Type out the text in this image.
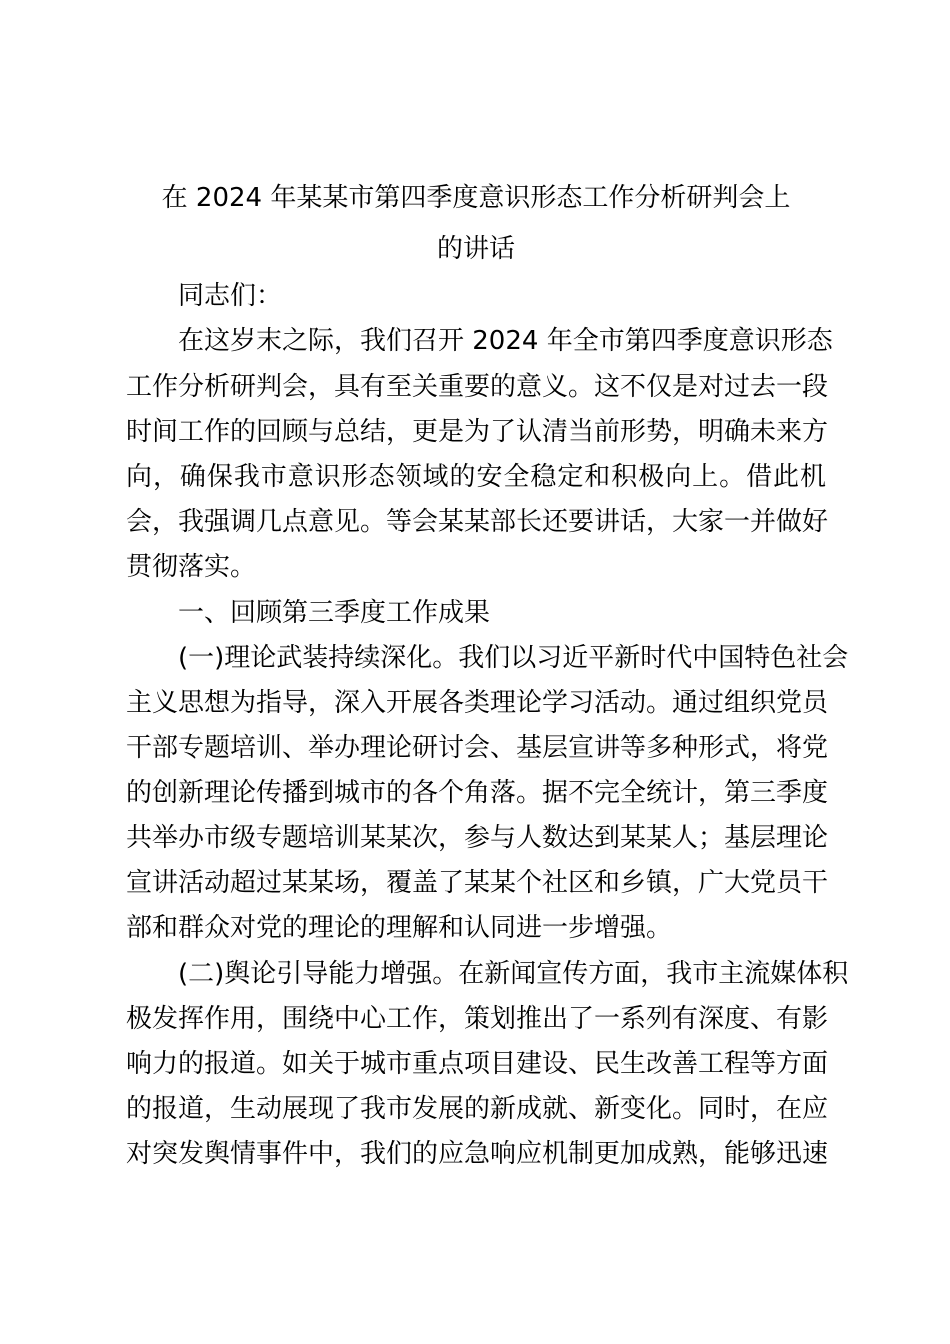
在 2024 年某某市第四季度意识形态工作分析研判会上
的讲话
同志们：
在这岁末之际，我们召开 2024 年全市第四季度意识形态
工作分析研判会，具有至关重要的意义。这不仅是对过去一段
时间工作的回顾与总结，更是为了认清当前形势，明确未来方
向，确保我市意识形态领域的安全稳定和积极向上。借此机
会，我强调几点意见。等会某某部长还要讲话，大家一并做好
贯彻落实。
一、回顾第三季度工作成果
(一)理论武装持续深化。我们以习近平新时代中国特色社会
主义思想为指导，深入开展各类理论学习活动。通过组织党员
干部专题培训、举办理论研讨会、基层宣讲等多种形式，将党
的创新理论传播到城市的各个角落。据不完全统计，第三季度
共举办市级专题培训某某次，参与人数达到某某人；基层理论
宣讲活动超过某某场，覆盖了某某个社区和乡镇，广大党员干
部和群众对党的理论的理解和认同进一步增强。
(二)舆论引导能力增强。在新闻宣传方面，我市主流媒体积
极发挥作用，围绕中心工作，策划推出了一系列有深度、有影
响力的报道。如关于城市重点项目建设、民生改善工程等方面
的报道，生动展现了我市发展的新成就、新变化。同时，在应
对突发舆情事件中，我们的应急响应机制更加成熟，能够迅速
